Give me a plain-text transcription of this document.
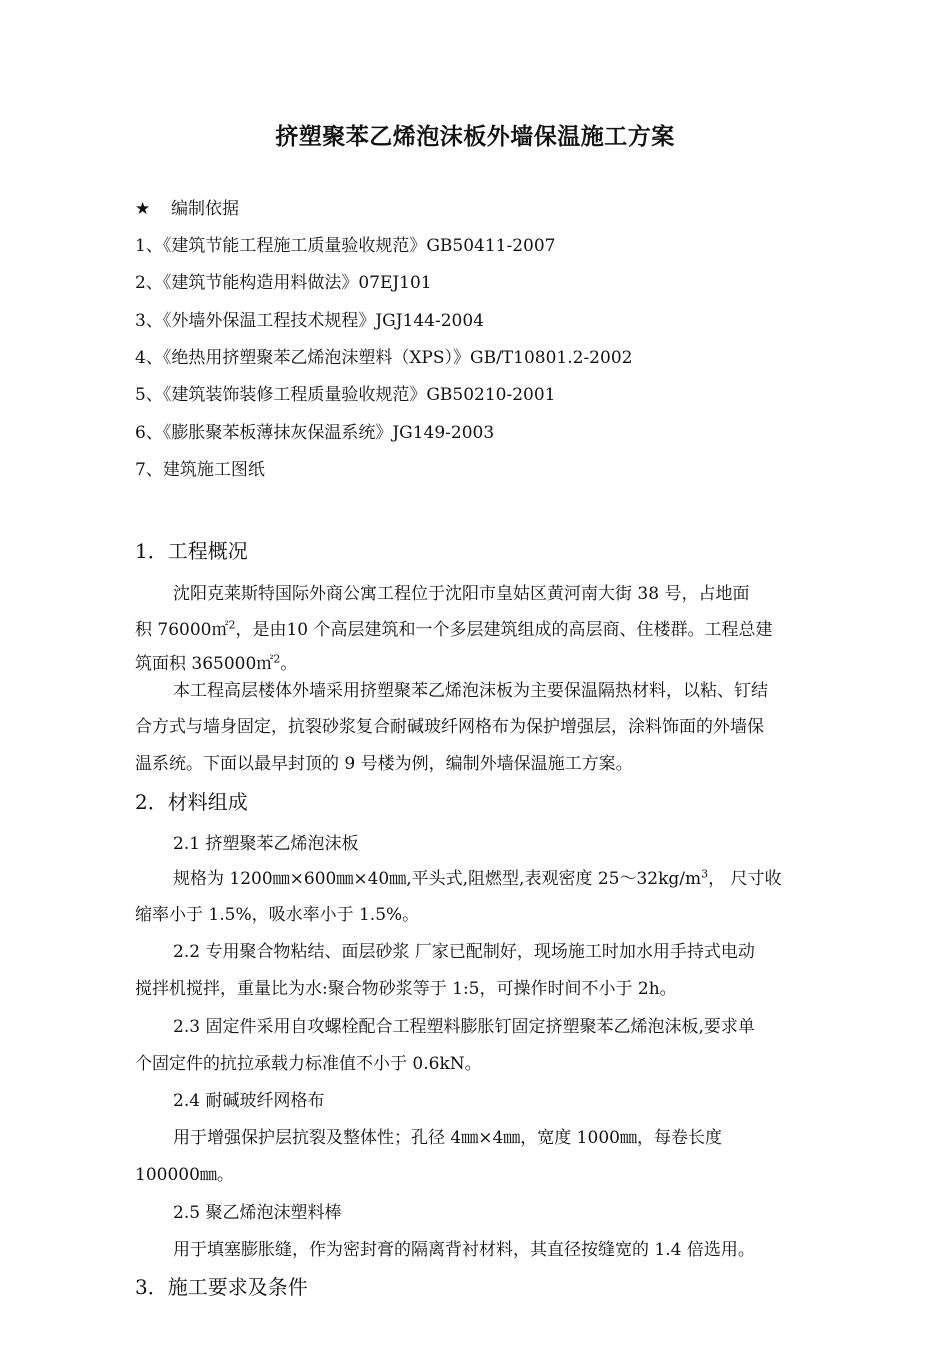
挤塑聚苯乙烯泡沫板外墙保温施工方案
★ 编制依据
1、《建筑节能工程施工质量验收规范》GB50411-2007
2、《建筑节能构造用料做法》07EJ101
3、《外墙外保温工程技术规程》JGJ144-2004
4、《绝热用挤塑聚苯乙烯泡沫塑料（XPS）》GB/T10801.2-2002
5、《建筑装饰装修工程质量验收规范》GB50210-2001
6、《膨胀聚苯板薄抹灰保温系统》JG149-2003
7、建筑施工图纸
1．工程概况
沈阳克莱斯特国际外商公寓工程位于沈阳市皇姑区黄河南大街 38 号，占地面
积 76000㎡$^2$，是由10 个高层建筑和一个多层建筑组成的高层商、住楼群。工程总建
筑面积 365000㎡$^2$。
本工程高层楼体外墙采用挤塑聚苯乙烯泡沫板为主要保温隔热材料，以粘、钉结
合方式与墙身固定，抗裂砂浆复合耐碱玻纤网格布为保护增强层，涂料饰面的外墙保
温系统。下面以最早封顶的 9 号楼为例，编制外墙保温施工方案。
2．材料组成
2.1 挤塑聚苯乙烯泡沫板
规格为 1200㎜×600㎜×40㎜,平头式,阻燃型,表观密度 $25\sim 32kg/m^3$， 尺寸收
缩率小于 1.5%，吸水率小于 1.5%。
2.2 专用聚合物粘结、面层砂浆 厂家已配制好，现场施工时加水用手持式电动
搅拌机搅拌，重量比为水:聚合物砂浆等于 1:5，可操作时间不小于 2h。
2.3 固定件采用自攻螺栓配合工程塑料膨胀钉固定挤塑聚苯乙烯泡沫板,要求单
个固定件的抗拉承载力标准值不小于 0.6kN。
2.4 耐碱玻纤网格布
用于增强保护层抗裂及整体性；孔径 4㎜×4㎜，宽度 1000㎜，每卷长度
100000㎜。
2.5 聚乙烯泡沫塑料棒
用于填塞膨胀缝，作为密封膏的隔离背衬材料，其直径按缝宽的 1.4 倍选用。
3．施工要求及条件
